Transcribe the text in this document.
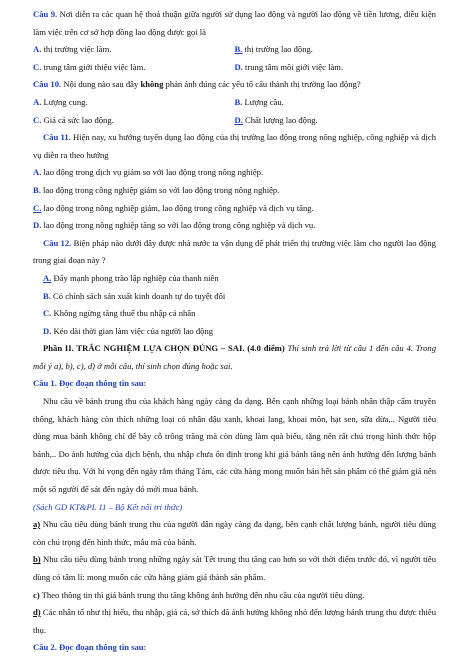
Câu 9. Nơi diễn ra các quan hệ thoả thuận giữa người sử dụng lao động và người lao động về tiền lương, điều kiện làm việc trên cơ sở hợp đồng lao động được gọi là

A. thị trường việc làm.	B. thị trường lao động.
C. trung tâm giới thiệu việc làm.	D. trung tâm môi giới việc làm.

Câu 10. Nội dung nào sau đây không phản ánh đúng các yếu tố cấu thành thị trường lao động?

A. Lượng cung.	B. Lượng cầu.
C. Giá cả sức lao động.	D. Chất lượng lao động.

Câu 11. Hiện nay, xu hướng tuyển dụng lao động của thị trường lao động trong nông nghiệp, công nghiệp và dịch vụ diễn ra theo hướng

A. lao động trong dịch vụ giảm so với lao động trong nông nghiệp.

B. lao động trong công nghiệp giảm so với lao động trong nông nghiệp.

C. lao động trong nông nghiệp giảm, lao động trong công nghiệp và dịch vụ tăng.

D. lao động trong nông nghiệp tăng so với lao động trong công nghiệp và dịch vụ.

Câu 12. Biện pháp nào dưới đây được nhà nước ta vận dụng để phát triển thị trường việc làm cho người lao động trong giai đoạn này ?

A. Đẩy mạnh phong trào lập nghiệp của thanh niên

B. Có chính sách sản xuất kinh doanh tự do tuyệt đối

C. Không ngừng tăng thuế thu nhập cá nhân

D. Kéo dài thời gian làm việc của người lao động

Phần II. TRẮC NGHIỆM LỰA CHỌN ĐÚNG – SAI. (4.0 điểm) Thí sinh trả lời từ câu 1 đến câu 4. Trong mỗi ý a), b), c), d) ở mỗi câu, thí sinh chọn đúng hoặc sai.

Câu 1. Đọc đoạn thông tin sau:

Nhu cầu về bánh trung thu của khách hàng ngày càng đa dạng. Bên cạnh những loại bánh nhân thập cẩm truyền thống, khách hàng còn thích những loại có nhân đậu xanh, khoai lang, khoai môn, hạt sen, sữa dừa,.. Người tiêu dùng mua bánh không chỉ để bày cỗ trông trăng mà còn dùng làm quà biếu, tặng nên rất chú trọng hình thức hộp bánh,.. Do ảnh hưởng của dịch bệnh, thu nhập chưa ổn định trong khi giá bánh tăng nên ảnh hưởng đến lượng bánh được tiêu thụ. Với hi vọng đến ngày rằm tháng Tám, các cửa hàng mong muốn bán hết sản phẩm có thể giảm giá nên một số người để sát đến ngày đó mới mua bánh.

(Sách GD KT&PL 11 – Bộ Kết nối tri thức)

a) Nhu cầu tiêu dùng bánh trung thu của người dân ngày càng đa dạng, bên cạnh chất lượng bánh, người tiêu dùng còn chú trọng đến hình thức, mẫu mã của bánh.

b) Nhu cầu tiêu dùng bánh trong những ngày sát Tết trung thu tăng cao hơn so với thời điểm trước đó, vì người tiêu dùng có tâm lí: mong muốn các cửa hàng giảm giá thành sản phẩm.

c) Theo thông tin thì giá bánh trung thu tăng không ảnh hưởng đến nhu cầu của người tiêu dùng.

d) Các nhân tố như thị hiếu, thu nhập, giá cả, sở thích đã ảnh hưởng không nhỏ đến lượng bánh trung thu được thiêu thụ.

Câu 2. Đọc đoạn thông tin sau:
